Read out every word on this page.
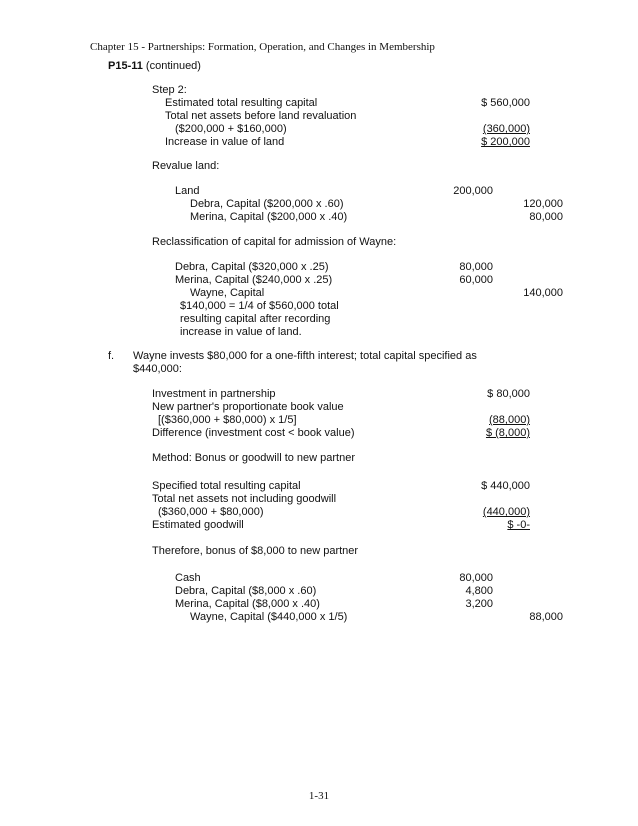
Chapter 15 - Partnerships: Formation, Operation, and Changes in Membership
P15-11 (continued)
Step 2:
Estimated total resulting capital	$ 560,000
Total net assets before land revaluation
($200,000 + $160,000)	(360,000)
Increase in value of land	$ 200,000
Revalue land:
Land	200,000
Debra, Capital ($200,000 x .60)	120,000
Merina, Capital ($200,000 x .40)	80,000
Reclassification of capital for admission of Wayne:
Debra, Capital ($320,000 x .25)	80,000
Merina, Capital ($240,000 x .25)	60,000
Wayne, Capital	140,000
$140,000 = 1/4 of $560,000 total
resulting capital after recording
increase in value of land.
f. Wayne invests $80,000 for a one-fifth interest; total capital specified as
$440,000:
Investment in partnership	$ 80,000
New partner's proportionate book value
[($360,000 + $80,000) x 1/5]	(88,000)
Difference (investment cost < book value)	$ (8,000)
Method: Bonus or goodwill to new partner
Specified total resulting capital	$ 440,000
Total net assets not including goodwill
($360,000 + $80,000)	(440,000)
Estimated goodwill	$ -0-
Therefore, bonus of $8,000 to new partner
Cash	80,000
Debra, Capital ($8,000 x .60)	4,800
Merina, Capital ($8,000 x .40)	3,200
Wayne, Capital ($440,000 x 1/5)	88,000
1-31
